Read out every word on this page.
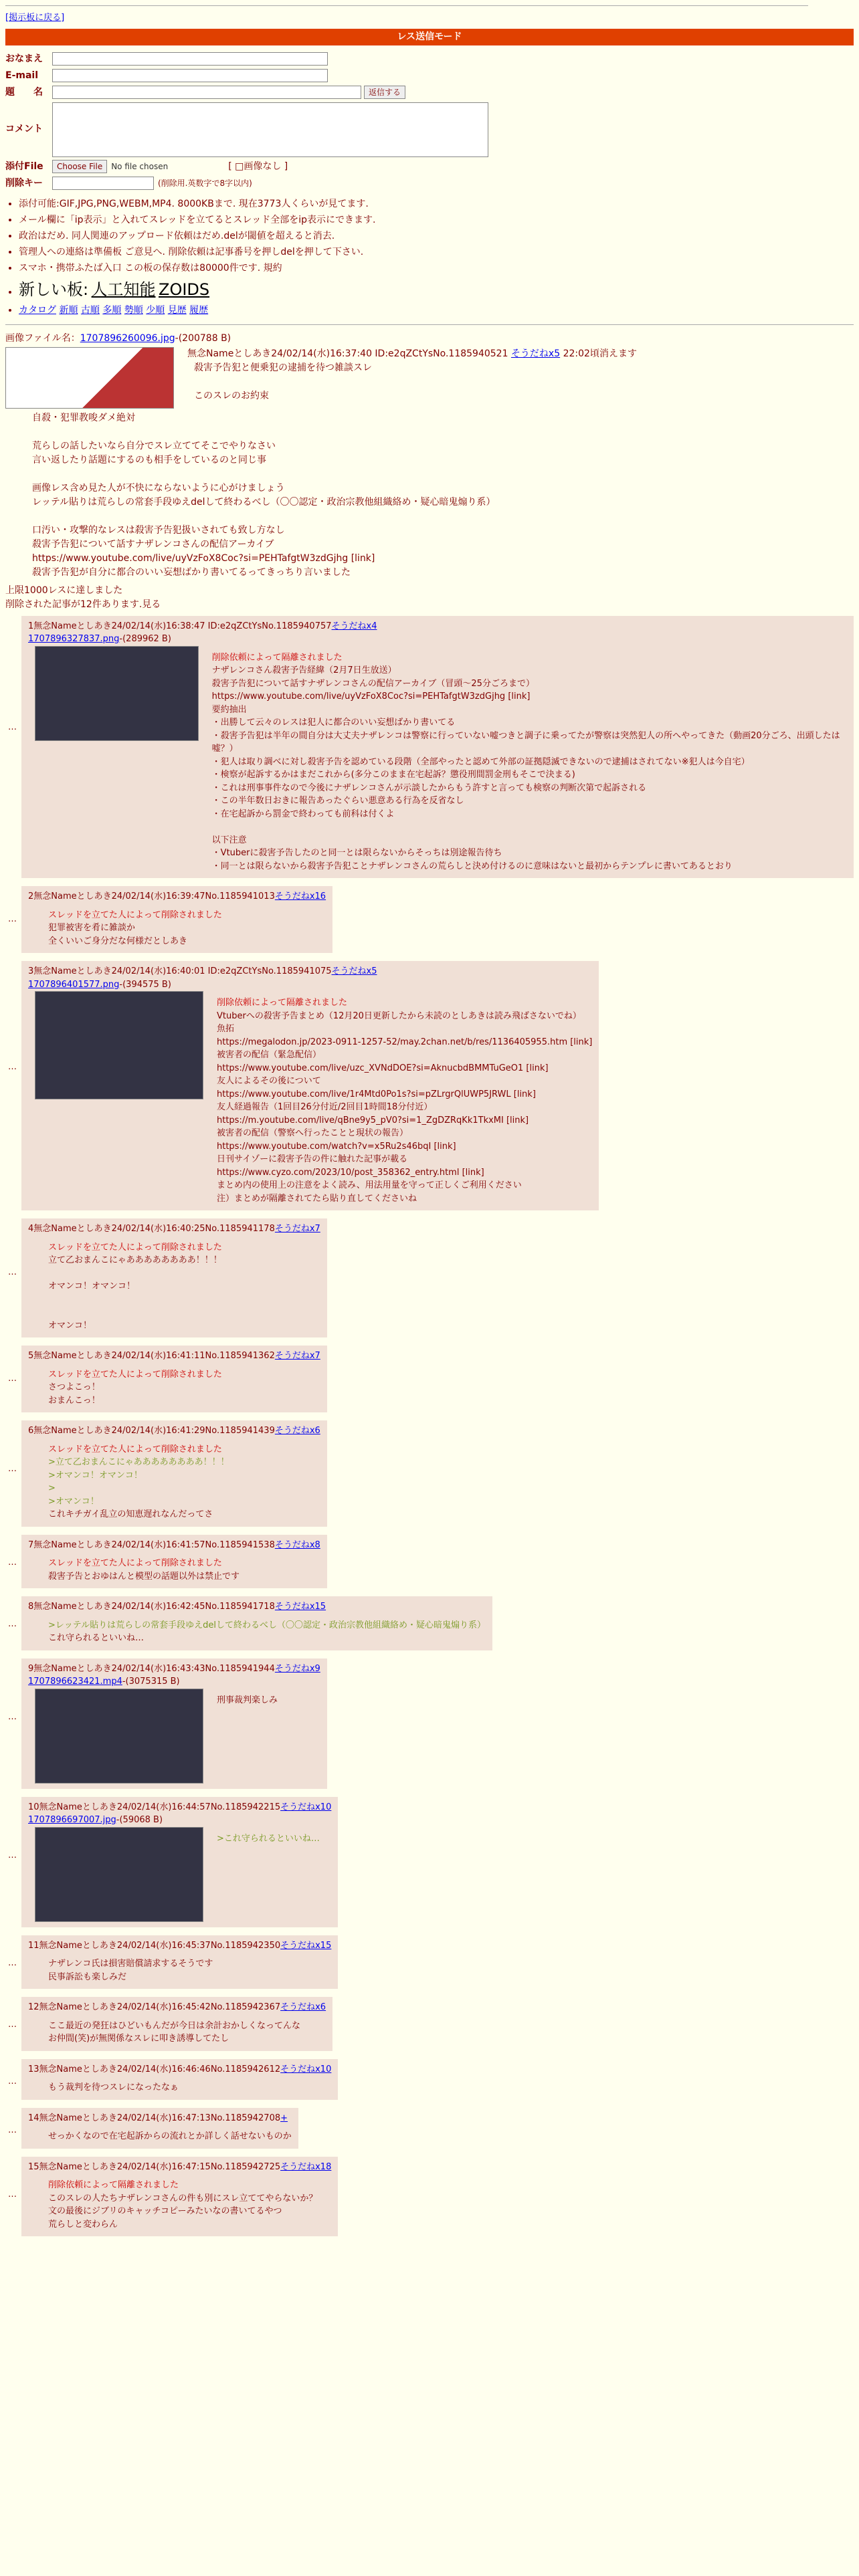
[掲示板に戻る]
レス送信モード
おなまえ
E-mail
題　　名	返信する
コメント
添付File	Choose File	No file chosen	[ □画像なし ]
削除キー	(削除用.英数字で8字以内)
• 添付可能:GIF,JPG,PNG,WEBM,MP4. 8000KBまで. 現在3773人くらいが見てます.
• メール欄に「ip表示」と入れてスレッドを立てるとスレッド全部をip表示にできます.
• 政治はだめ. 同人関連のアップロード依頼はだめ.delが閾値を超えると消去.
• 管理人への連絡は準備板 ご意見へ. 削除依頼は記事番号を押しdelを押して下さい.
• スマホ・携帯ふたば入口 この板の保存数は80000件です. 規約
• 新しい板: 人工知能 ZOIDS
• カタログ 新順 古順 多順 勢順 少順 見歴 履歴
画像ファイル名：1707896260096.jpg-(200788 B)
無念Nameとしあき24/02/14(水)16:37:40 ID:e2qZCtYsNo.1185940521 そうだねx5 22:02頃消えます
殺害予告犯と便乗犯の逮捕を待つ雑談スレ

このスレのお約束
自殺・犯罪教唆ダメ絶対

荒らしの話したいなら自分でスレ立ててそこでやりなさい
言い返したり話題にするのも相手をしているのと同じ事

画像レス含め見た人が不快にならないように心がけましょう
レッテル貼りは荒らしの常套手段ゆえdelして終わるべし（〇〇認定・政治宗教他組織絡め・疑心暗鬼煽り系）

口汚い・攻撃的なレスは殺害予告犯扱いされても致し方なし
殺害予告犯について話すナザレンコさんの配信アーカイブ
https://www.youtube.com/live/uyVzFoX8Coc?si=PEHTafgtW3zdGjhg [link]
殺害予告犯が自分に都合のいい妄想ばかり書いてるってきっちり言いました
上限1000レスに達しました
削除された記事が12件あります.見る
…
1無念Nameとしあき24/02/14(水)16:38:47 ID:e2qZCtYsNo.1185940757そうだねx4
1707896327837.png-(289962 B)
削除依頼によって隔離されました
ナザレンコさん殺害予告経緯（2月7日生放送）
殺害予告犯について話すナザレンコさんの配信アーカイブ（冒頭〜25分ごろまで）
https://www.youtube.com/live/uyVzFoX8Coc?si=PEHTafgtW3zdGjhg [link]
要約抽出
・出勝して云々のレスは犯人に都合のいい妄想ばかり書いてる
・殺害予告犯は半年の間自分は大丈夫ナザレンコは警察に行っていない嘘つきと調子に乗ってたが警察は突然犯人の所へやってきた（動画20分ごろ、出頭したは嘘？）
・犯人は取り調べに対し殺害予告を認めている段階（全部やったと認めて外部の証拠隠滅できないので逮捕はされてない※犯人は今自宅）
・検察が起訴するかはまだこれから(多分このまま在宅起訴？懲役刑間罰金刑もそこで決まる)
・これは刑事事件なので今後にナザレンコさんが示談したからもう許すと言っても検察の判断次第で起訴される
・この半年数日おきに報告あったぐらい悪意ある行為を反省なし
・在宅起訴から罰金で終わっても前科は付くよ

以下注意
・Vtuberに殺害予告したのと同一とは限らないからそっちは別途報告待ち
・同一とは限らないから殺害予告犯ことナザレンコさんの荒らしと決め付けるのに意味はないと最初からテンプレに書いてあるとおり
…
2無念Nameとしあき24/02/14(水)16:39:47No.1185941013そうだねx16
スレッドを立てた人によって削除されました
犯罪被害を肴に雑談か
全くいいご身分だな何様だとしあき
…
3無念Nameとしあき24/02/14(水)16:40:01 ID:e2qZCtYsNo.1185941075そうだねx5
1707896401577.png-(394575 B)
削除依頼によって隔離されました
Vtuberへの殺害予告まとめ（12月20日更新したから未読のとしあきは読み飛ばさないでね）
魚拓
https://megalodon.jp/2023-0911-1257-52/may.2chan.net/b/res/1136405955.htm [link]
被害者の配信（緊急配信）
https://www.youtube.com/live/uzc_XVNdDOE?si=AknucbdBMMTuGeO1 [link]
友人によるその後について
https://www.youtube.com/live/1r4Mtd0Po1s?si=pZLrgrQlUWP5JRWL [link]
友人経過報告（1回目26分付近/2回目1時間18分付近）
https://m.youtube.com/live/qBne9y5_pV0?si=1_ZgDZRqKk1TkxMI [link]
被害者の配信（警察へ行ったことと現状の報告）
https://www.youtube.com/watch?v=x5Ru2s46bqI [link]
日刊サイゾーに殺害予告の件に触れた記事が載る
https://www.cyzo.com/2023/10/post_358362_entry.html [link]
まとめ内の使用上の注意をよく読み、用法用量を守って正しくご利用ください
注）まとめが隔離されてたら貼り直してくださいね
…
4無念Nameとしあき24/02/14(水)16:40:25No.1185941178そうだねx7
スレッドを立てた人によって削除されました
立て乙おまんこにゃああああああああ！！！

オマンコ！オマンコ！

オマンコ！
…
5無念Nameとしあき24/02/14(水)16:41:11No.1185941362そうだねx7
スレッドを立てた人によって削除されました
さつよこっ！
おまんこっ！
…
6無念Nameとしあき24/02/14(水)16:41:29No.1185941439そうだねx6
スレッドを立てた人によって削除されました
>立て乙おまんこにゃああああああああ！！！
>オマンコ！オマンコ！
>
>オマンコ！
これキチガイ乱立の知恵遅れなんだってさ
…
7無念Nameとしあき24/02/14(水)16:41:57No.1185941538そうだねx8
スレッドを立てた人によって削除されました
殺害予告とおゆはんと模型の話題以外は禁止です
…
8無念Nameとしあき24/02/14(水)16:42:45No.1185941718そうだねx15
>レッテル貼りは荒らしの常套手段ゆえdelして終わるべし（〇〇認定・政治宗教他組織絡め・疑心暗鬼煽り系）
これ守られるといいね…
…
9無念Nameとしあき24/02/14(水)16:43:43No.1185941944そうだねx9
1707896623421.mp4-(3075315 B)
刑事裁判楽しみ
…
10無念Nameとしあき24/02/14(水)16:44:57No.1185942215そうだねx10
1707896697007.jpg-(59068 B)
>これ守られるといいね…
…
11無念Nameとしあき24/02/14(水)16:45:37No.1185942350そうだねx15
ナザレンコ氏は損害賠償請求するそうです
民事訴訟も楽しみだ
…
12無念Nameとしあき24/02/14(水)16:45:42No.1185942367そうだねx6
ここ最近の発狂はひどいもんだが今日は余計おかしくなってんな
お仲間(笑)が無関係なスレに叩き誘導してたし
…
13無念Nameとしあき24/02/14(水)16:46:46No.1185942612そうだねx10
もう裁判を待つスレになったなぁ
…
14無念Nameとしあき24/02/14(水)16:47:13No.1185942708+
せっかくなので在宅起訴からの流れとか詳しく話せないものか
…
15無念Nameとしあき24/02/14(水)16:47:15No.1185942725そうだねx18
削除依頼によって隔離されました
このスレの人たちナザレンコさんの件も別にスレ立ててやらないか？
文の最後にジブリのキャッチコピーみたいなの書いてるやつ
荒らしと変わらん
